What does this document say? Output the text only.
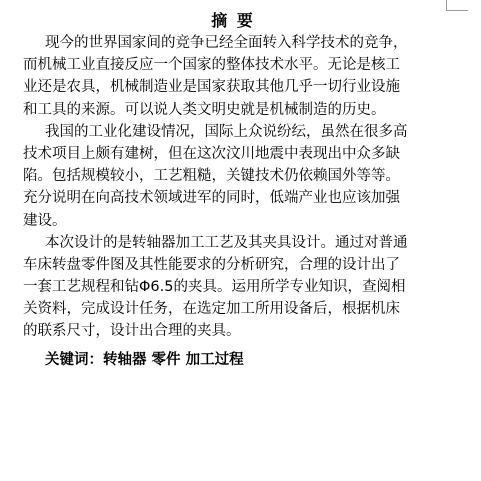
摘 要
现今的世界国家间的竞争已经全面转入科学技术的竞争，
而机械工业直接反应一个国家的整体技术水平。无论是核工
业还是农具，机械制造业是国家获取其他几乎一切行业设施
和工具的来源。可以说人类文明史就是机械制造的历史。
我国的工业化建设情况，国际上众说纷纭，虽然在很多高
技术项目上颇有建树，但在这次汶川地震中表现出中众多缺
陷。包括规模较小，工艺粗糙，关键技术仍依赖国外等等。
充分说明在向高技术领域进军的同时，低端产业也应该加强
建设。
本次设计的是转轴器加工工艺及其夹具设计。通过对普通
车床转盘零件图及其性能要求的分析研究，合理的设计出了
一套工艺规程和钻Φ6.5的夹具。运用所学专业知识，查阅相
关资料，完成设计任务，在选定加工所用设备后，根据机床
的联系尺寸，设计出合理的夹具。
关键词：转轴器 零件 加工过程
